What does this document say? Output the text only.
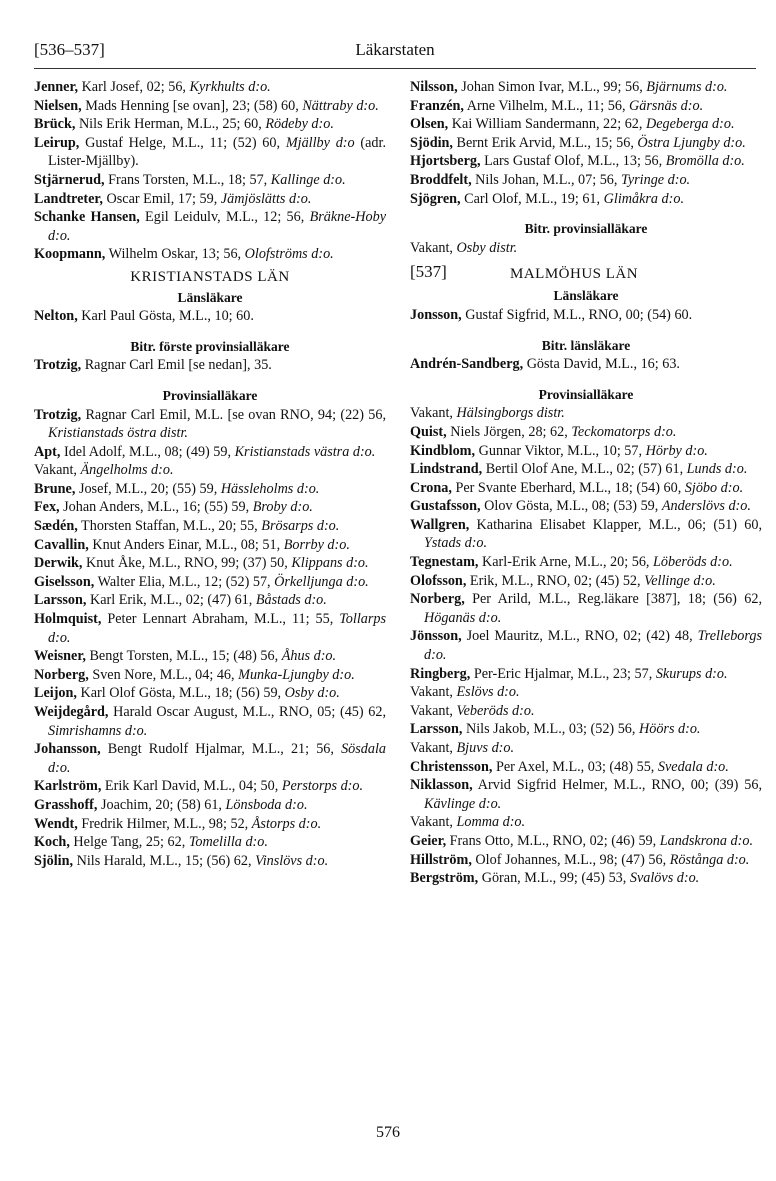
[536–537]	Läkarstaten
Jenner, Karl Josef, 02; 56, Kyrkhults d:o.
Nielsen, Mads Henning [se ovan], 23; (58) 60, Nättraby d:o.
Brück, Nils Erik Herman, M.L., 25; 60, Rödeby d:o.
Leirup, Gustaf Helge, M.L., 11; (52) 60, Mjällby d:o (adr. Lister-Mjällby).
Stjärnerud, Frans Torsten, M.L., 18; 57, Kallinge d:o.
Landtreter, Oscar Emil, 17; 59, Jämjöslätts d:o.
Schanke Hansen, Egil Leidulv, M.L., 12; 56, Bräkne-Hoby d:o.
Koopmann, Wilhelm Oskar, 13; 56, Olofströms d:o.
KRISTIANSTADS LÄN
Länsläkare
Nelton, Karl Paul Gösta, M.L., 10; 60.
Bitr. förste provinsialläkare
Trotzig, Ragnar Carl Emil [se nedan], 35.
Provinsialläkare
Trotzig, Ragnar Carl Emil, M.L. [se ovan RNO, 94; (22) 56, Kristianstads östra distr.
Apt, Idel Adolf, M.L., 08; (49) 59, Kristianstads västra d:o.
Vakant, Ängelholms d:o.
Brune, Josef, M.L., 20; (55) 59, Hässleholms d:o.
Fex, Johan Anders, M.L., 16; (55) 59, Broby d:o.
Sædén, Thorsten Staffan, M.L., 20; 55, Brösarps d:o.
Cavallin, Knut Anders Einar, M.L., 08; 51, Borrby d:o.
Derwik, Knut Åke, M.L., RNO, 99; (37) 50, Klippans d:o.
Giselsson, Walter Elia, M.L., 12; (52) 57, Örkelljunga d:o.
Larsson, Karl Erik, M.L., 02; (47) 61, Båstads d:o.
Holmquist, Peter Lennart Abraham, M.L., 11; 55, Tollarps d:o.
Weisner, Bengt Torsten, M.L., 15; (48) 56, Åhus d:o.
Norberg, Sven Nore, M.L., 04; 46, Munka-Ljungby d:o.
Leijon, Karl Olof Gösta, M.L., 18; (56) 59, Osby d:o.
Weijdegård, Harald Oscar August, M.L., RNO, 05; (45) 62, Simrishamns d:o.
Johansson, Bengt Rudolf Hjalmar, M.L., 21; 56, Sösdala d:o.
Karlström, Erik Karl David, M.L., 04; 50, Perstorps d:o.
Grasshoff, Joachim, 20; (58) 61, Lönsboda d:o.
Wendt, Fredrik Hilmer, M.L., 98; 52, Åstorps d:o.
Koch, Helge Tang, 25; 62, Tomelilla d:o.
Sjölin, Nils Harald, M.L., 15; (56) 62, Vinslövs d:o.
Nilsson, Johan Simon Ivar, M.L., 99; 56, Bjärnums d:o.
Franzén, Arne Vilhelm, M.L., 11; 56, Gärsnäs d:o.
Olsen, Kai William Sandermann, 22; 62, Degeberga d:o.
Sjödin, Bernt Erik Arvid, M.L., 15; 56, Östra Ljungby d:o.
Hjortsberg, Lars Gustaf Olof, M.L., 13; 56, Bromölla d:o.
Broddfelt, Nils Johan, M.L., 07; 56, Tyringe d:o.
Sjögren, Carl Olof, M.L., 19; 61, Glimåkra d:o.
Bitr. provinsialläkare
Vakant, Osby distr.
[537]	MALMÖHUS LÄN
Länsläkare
Jonsson, Gustaf Sigfrid, M.L., RNO, 00; (54) 60.
Bitr. länsläkare
Andrén-Sandberg, Gösta David, M.L., 16; 63.
Provinsialläkare
Vakant, Hälsingborgs distr.
Quist, Niels Jörgen, 28; 62, Teckomatorps d:o.
Kindblom, Gunnar Viktor, M.L., 10; 57, Hörby d:o.
Lindstrand, Bertil Olof Ane, M.L., 02; (57) 61, Lunds d:o.
Crona, Per Svante Eberhard, M.L., 18; (54) 60, Sjöbo d:o.
Gustafsson, Olov Gösta, M.L., 08; (53) 59, Anderslövs d:o.
Wallgren, Katharina Elisabet Klapper, M.L., 06; (51) 60, Ystads d:o.
Tegnestam, Karl-Erik Arne, M.L., 20; 56, Löberöds d:o.
Olofsson, Erik, M.L., RNO, 02; (45) 52, Vellinge d:o.
Norberg, Per Arild, M.L., Reg.läkare [387], 18; (56) 62, Höganäs d:o.
Jönsson, Joel Mauritz, M.L., RNO, 02; (42) 48, Trelleborgs d:o.
Ringberg, Per-Eric Hjalmar, M.L., 23; 57, Skurups d:o.
Vakant, Eslövs d:o.
Vakant, Veberöds d:o.
Larsson, Nils Jakob, M.L., 03; (52) 56, Höörs d:o.
Vakant, Bjuvs d:o.
Christensson, Per Axel, M.L., 03; (48) 55, Svedala d:o.
Niklasson, Arvid Sigfrid Helmer, M.L., RNO, 00; (39) 56, Kävlinge d:o.
Vakant, Lomma d:o.
Geier, Frans Otto, M.L., RNO, 02; (46) 59, Landskrona d:o.
Hillström, Olof Johannes, M.L., 98; (47) 56, Röstånga d:o.
Bergström, Göran, M.L., 99; (45) 53, Svalövs d:o.
576
